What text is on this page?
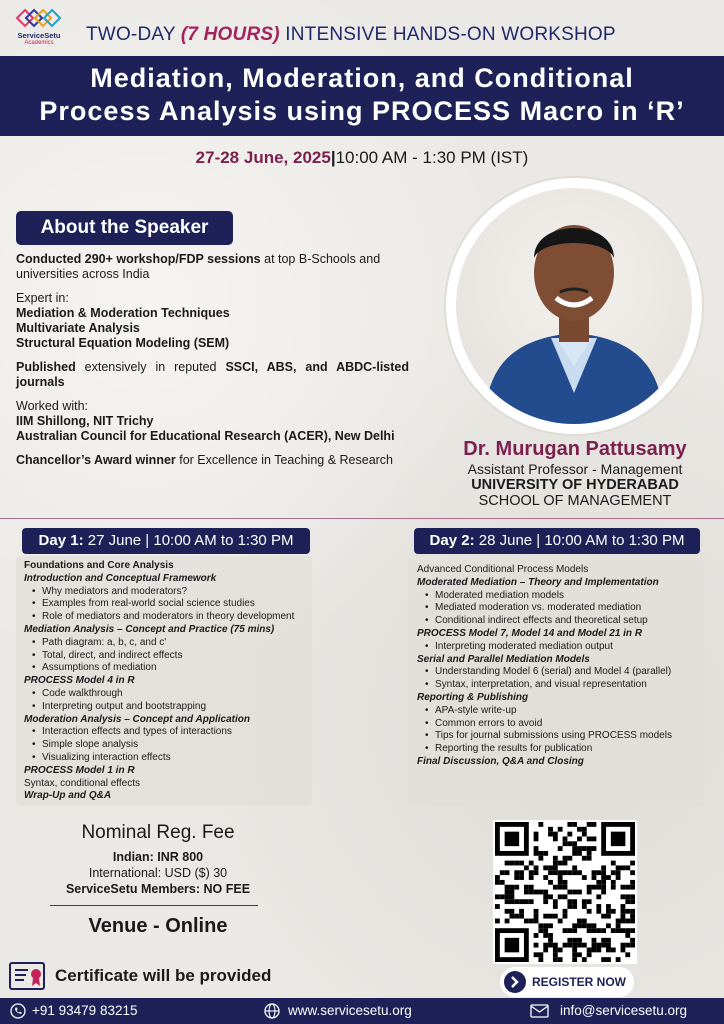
ServiceSetu
Academics	TWO-DAY (7 HOURS) INTENSIVE HANDS-ON WORKSHOP
Mediation, Moderation, and Conditional
Process Analysis using PROCESS Macro in ‘R’
27-28 June, 2025|10:00 AM - 1:30 PM (IST)
About the Speaker

Conducted 290+ workshop/FDP sessions at top B-Schools and universities across India

Expert in:
Mediation & Moderation Techniques
Multivariate Analysis
Structural Equation Modeling (SEM)

Published extensively in reputed SSCI, ABS, and ABDC-listed journals

Worked with:
IIM Shillong, NIT Trichy
Australian Council for Educational Research (ACER), New Delhi

Chancellor’s Award winner for Excellence in Teaching & Research	Dr. Murugan Pattusamy
Assistant Professor - Management
UNIVERSITY OF HYDERABAD
SCHOOL OF MANAGEMENT
Day 1: 27 June | 10:00 AM to 1:30 PM	Day 2: 28 June | 10:00 AM to 1:30 PM
Foundations and Core Analysis
Introduction and Conceptual Framework
• Why mediators and moderators?
• Examples from real-world social science studies
• Role of mediators and moderators in theory development
Mediation Analysis – Concept and Practice (75 mins)
• Path diagram: a, b, c, and c'
• Total, direct, and indirect effects
• Assumptions of mediation
PROCESS Model 4 in R
• Code walkthrough
• Interpreting output and bootstrapping
Moderation Analysis – Concept and Application
• Interaction effects and types of interactions
• Simple slope analysis
• Visualizing interaction effects
PROCESS Model 1 in R
Syntax, conditional effects
Wrap-Up and Q&A
Advanced Conditional Process Models
Moderated Mediation – Theory and Implementation
• Moderated mediation models
• Mediated moderation vs. moderated mediation
• Conditional indirect effects and theoretical setup
PROCESS Model 7, Model 14 and Model 21 in R
• Interpreting moderated mediation output
Serial and Parallel Mediation Models
• Understanding Model 6 (serial) and Model 4 (parallel)
• Syntax, interpretation, and visual representation
Reporting & Publishing
• APA-style write-up
• Common errors to avoid
• Tips for journal submissions using PROCESS models
• Reporting the results for publication
Final Discussion, Q&A and Closing
Nominal Reg. Fee
Indian: INR 800
International: USD ($) 30
ServiceSetu Members: NO FEE
Venue - Online
Certificate will be provided	REGISTER NOW
+91 93479 83215	www.servicesetu.org	info@servicesetu.org
